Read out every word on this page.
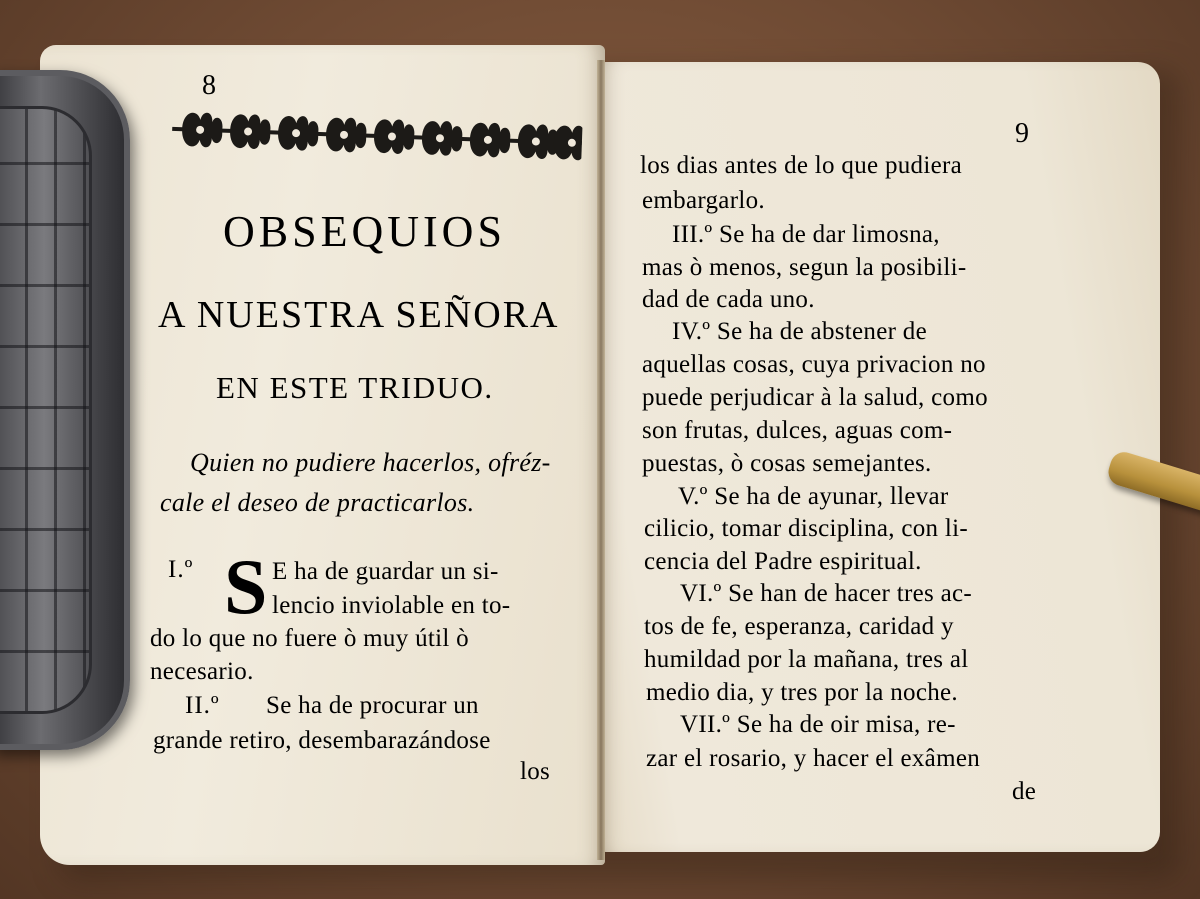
8
OBSEQUIOS
A NUESTRA SEÑORA
EN ESTE TRIDUO.
Quien no pudiere hacerlos, ofréz-
cale el deseo de practicarlos.
I.º S E ha de guardar un si-
lencio inviolable en to-
do lo que no fuere ò muy útil ò
necesario.
II.º Se ha de procurar un
grande retiro, desembarazándose
los
9
los dias antes de lo que pudiera
embargarlo.
III.º Se ha de dar limosna,
mas ò menos, segun la posibili-
dad de cada uno.
IV.º Se ha de abstener de
aquellas cosas, cuya privacion no
puede perjudicar à la salud, como
son frutas, dulces, aguas com-
puestas, ò cosas semejantes.
V.º Se ha de ayunar, llevar
cilicio, tomar disciplina, con li-
cencia del Padre espiritual.
VI.º Se han de hacer tres ac-
tos de fe, esperanza, caridad y
humildad por la mañana, tres al
medio dia, y tres por la noche.
VII.º Se ha de oir misa, re-
zar el rosario, y hacer el exâmen
de
